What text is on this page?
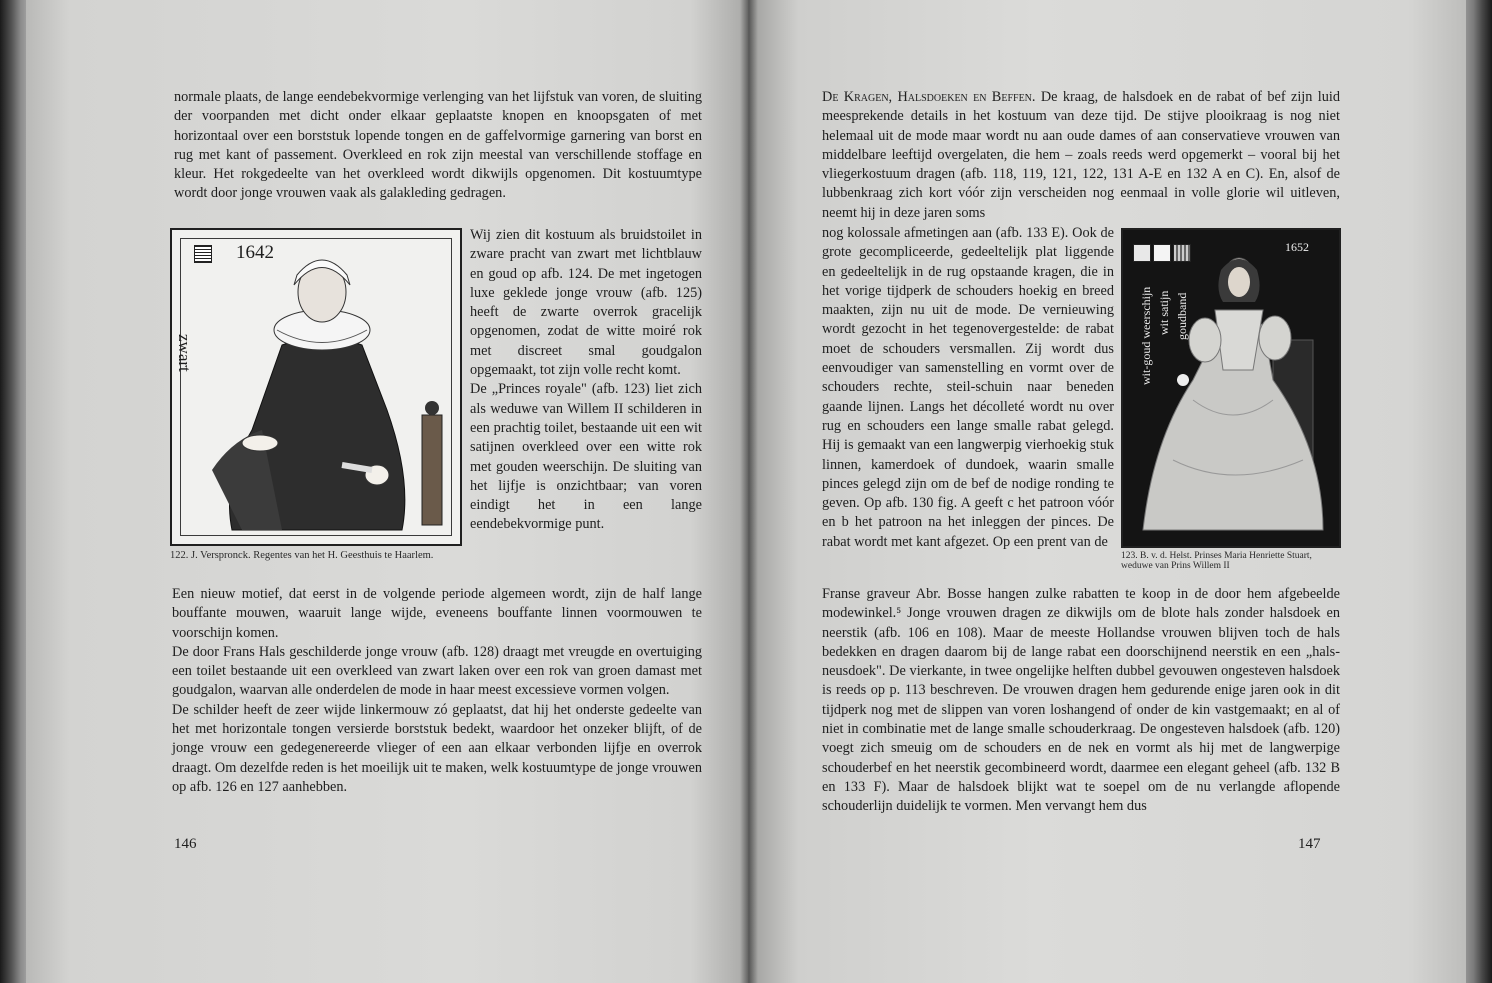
normale plaats, de lange eendebekvormige verlenging van het lijfstuk van voren, de sluiting der voorpanden met dicht onder elkaar geplaatste knopen en knoopsgaten of met horizontaal over een borststuk lopende tongen en de gaffelvormige garnering van borst en rug met kant of passement. Overkleed en rok zijn meestal van verschillende stoffage en kleur. Het rokgedeelte van het overkleed wordt dikwijls opgenomen. Dit kostuumtype wordt door jonge vrouwen vaak als galakleding gedragen.

1642
zwart
122. J. Verspronck. Regentes van het H. Geesthuis te Haarlem.

Wij zien dit kostuum als bruidstoilet in zware pracht van zwart met lichtblauw en goud op afb. 124. De met ingetogen luxe geklede jonge vrouw (afb. 125) heeft de zwarte overrok gracelijk opgenomen, zodat de witte moiré rok met discreet smal goudgalon opgemaakt, tot zijn volle recht komt.

De „Princes royale" (afb. 123) liet zich als weduwe van Willem II schilderen in een prachtig toilet, bestaande uit een wit satijnen overkleed over een witte rok met gouden weerschijn. De sluiting van het lijfje is onzichtbaar; van voren eindigt het in een lange eendebekvormige punt.

Een nieuw motief, dat eerst in de volgende periode algemeen wordt, zijn de half lange bouffante mouwen, waaruit lange wijde, eveneens bouffante linnen voormouwen te voorschijn komen.

De door Frans Hals geschilderde jonge vrouw (afb. 128) draagt met vreugde en overtuiging een toilet bestaande uit een overkleed van zwart laken over een rok van groen damast met goudgalon, waarvan alle onderdelen de mode in haar meest excessieve vormen volgen.

De schilder heeft de zeer wijde linkermouw zó geplaatst, dat hij het onderste gedeelte van het met horizontale tongen versierde borststuk bedekt, waardoor het onzeker blijft, of de jonge vrouw een gedegenereerde vlieger of een aan elkaar verbonden lijfje en overrok draagt. Om dezelfde reden is het moeilijk uit te maken, welk kostuumtype de jonge vrouwen op afb. 126 en 127 aanhebben.

146

De Kragen, Halsdoeken en Beffen. De kraag, de halsdoek en de rabat of bef zijn luid meesprekende details in het kostuum van deze tijd. De stijve plooikraag is nog niet helemaal uit de mode maar wordt nu aan oude dames of aan conservatieve vrouwen van middelbare leeftijd overgelaten, die hem – zoals reeds werd opgemerkt – vooral bij het vliegerkostuum dragen (afb. 118, 119, 121, 122, 131 A-E en 132 A en C). En, alsof de lubbenkraag zich kort vóór zijn verscheiden nog eenmaal in volle glorie wil uitleven, neemt hij in deze jaren soms

nog kolossale afmetingen aan (afb. 133 E). Ook de grote gecompliceerde, gedeeltelijk plat liggende en gedeeltelijk in de rug opstaande kragen, die in het vorige tijdperk de schouders hoekig en breed maakten, zijn nu uit de mode. De vernieuwing wordt gezocht in het tegenovergestelde: de rabat moet de schouders versmallen. Zij wordt dus eenvoudiger van samenstelling en vormt over de schouders rechte, steil-schuin naar beneden gaande lijnen. Langs het décolleté wordt nu over rug en schouders een lange smalle rabat gelegd. Hij is gemaakt van een langwerpig vierhoekig stuk linnen, kamerdoek of dundoek, waarin smalle pinces gelegd zijn om de bef de nodige ronding te geven. Op afb. 130 fig. A geeft c het patroon vóór en b het patroon na het inleggen der pinces. De rabat wordt met kant afgezet. Op een prent van de

1652
wit-goud weerschijn wit satijn goudband
123. B. v. d. Helst. Prinses Maria Henriette Stuart, weduwe van Prins Willem II

Franse graveur Abr. Bosse hangen zulke rabatten te koop in de door hem afgebeelde modewinkel.⁵ Jonge vrouwen dragen ze dikwijls om de blote hals zonder halsdoek en neerstik (afb. 106 en 108). Maar de meeste Hollandse vrouwen blijven toch de hals bedekken en dragen daarom bij de lange rabat een doorschijnend neerstik en een „hals-neusdoek". De vierkante, in twee ongelijke helften dubbel gevouwen ongesteven halsdoek is reeds op p. 113 beschreven. De vrouwen dragen hem gedurende enige jaren ook in dit tijdperk nog met de slippen van voren loshangend of onder de kin vastgemaakt; en al of niet in combinatie met de lange smalle schouderkraag. De ongesteven halsdoek (afb. 120) voegt zich smeuig om de schouders en de nek en vormt als hij met de langwerpige schouderbef en het neerstik gecombineerd wordt, daarmee een elegant geheel (afb. 132 B en 133 F). Maar de halsdoek blijkt wat te soepel om de nu verlangde aflopende schouderlijn duidelijk te vormen. Men vervangt hem dus

147
